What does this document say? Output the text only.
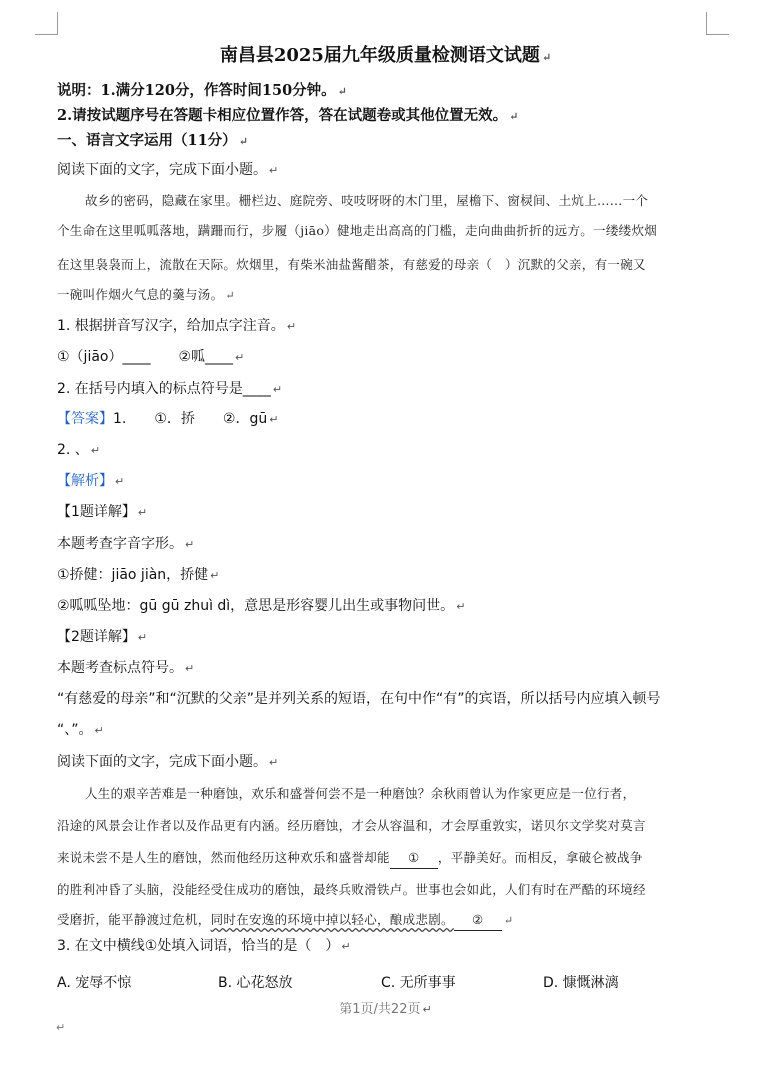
南昌县2025届九年级质量检测语文试题 ↵
说明：1.满分120分，作答时间150分钟。 ↵
2.请按试题序号在答题卡相应位置作答，答在试题卷或其他位置无效。 ↵
一、语言文字运用（11分） ↵
阅读下面的文字，完成下面小题。 ↵
故乡的密码，隐藏在家里。栅栏边、庭院旁、吱吱呀呀的木门里，屋檐下、窗棂间、土炕上……一个
个生命在这里呱呱落地，蹒跚而行，步履（jiāo）健地走出高高的门槛，走向曲曲折折的远方。一缕缕炊烟
在这里袅袅而上，流散在天际。炊烟里，有柴米油盐酱醋茶，有慈爱的母亲（　）沉默的父亲，有一碗又
一碗叫作烟火气息的羹与汤。 ↵
1. 根据拼音写汉字，给加点字注音。 ↵
①（jiāo）____　　②呱____ ↵
2. 在括号内填入的标点符号是____ ↵
【答案】1.　　①．挢　　②．gū ↵
2. 、 ↵
【解析】 ↵
【1题详解】 ↵
本题考查字音字形。 ↵
①挢健：jiāo jiàn，挢健 ↵
②呱呱坠地：gū gū zhuì dì，意思是形容婴儿出生或事物问世。 ↵
【2题详解】 ↵
本题考查标点符号。 ↵
“有慈爱的母亲”和“沉默的父亲”是并列关系的短语，在句中作“有”的宾语，所以括号内应填入顿号
“、”。 ↵
阅读下面的文字，完成下面小题。 ↵
人生的艰辛苦难是一种磨蚀，欢乐和盛誉何尝不是一种磨蚀？余秋雨曾认为作家更应是一位行者，
沿途的风景会让作者以及作品更有内涵。经历磨蚀，才会从容温和，才会厚重敦实，诺贝尔文学奖对莫言
来说未尝不是人生的磨蚀，然而他经历这种欢乐和盛誉却能 ① ，平静美好。而相反，拿破仑被战争
的胜利冲昏了头脑，没能经受住成功的磨蚀，最终兵败滑铁卢。世事也会如此，人们有时在严酷的环境经
受磨折，能平静渡过危机，同时在安逸的环境中掉以轻心，酿成悲剧。 ② ↵
3. 在文中横线①处填入词语，恰当的是（　） ↵
A. 宠辱不惊	B. 心花怒放	C. 无所事事	D. 慷慨淋漓
第1页/共22页 ↵
↵
